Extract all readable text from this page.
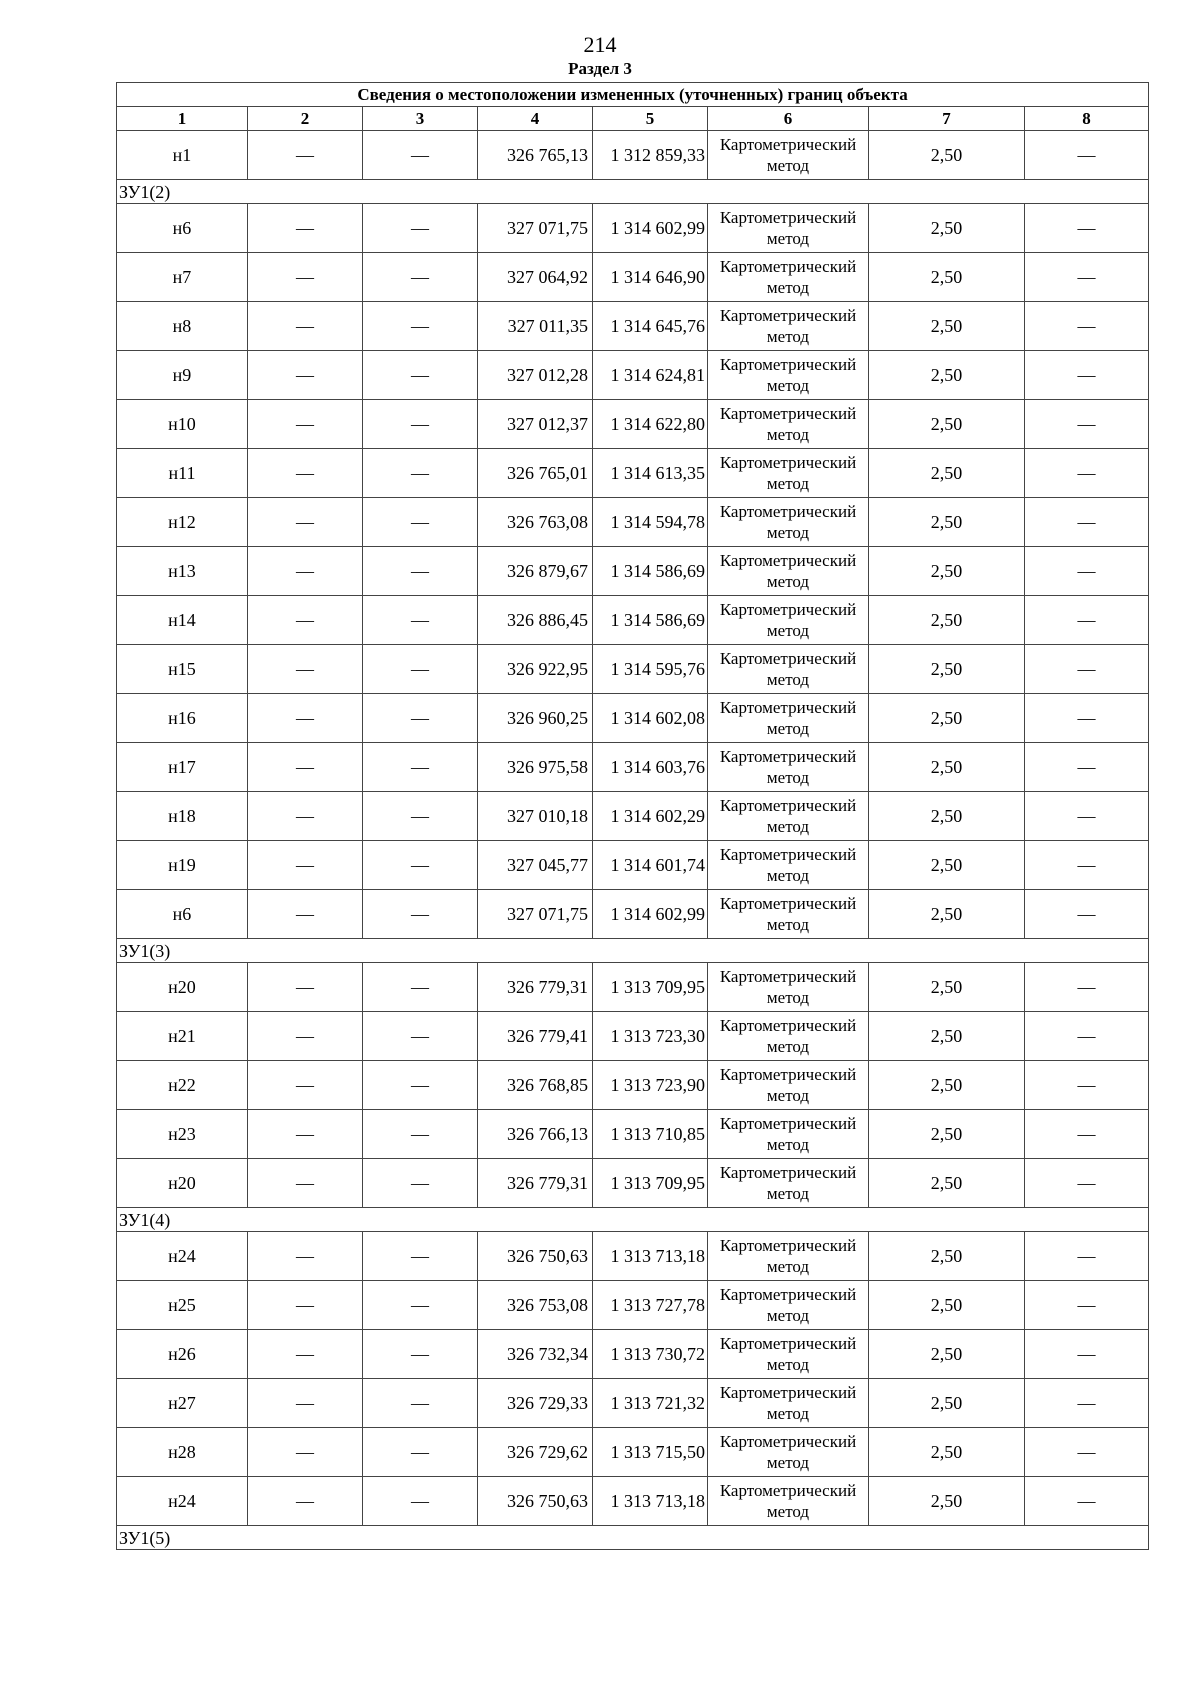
214
Раздел 3
Сведения о местоположении измененных (уточненных) границ объекта							
1	2	3	4	5	6	7	8
н1	—	—	326 765,13	1 312 859,33	Картометрический метод	2,50	—
ЗУ1(2)							
н6	—	—	327 071,75	1 314 602,99	Картометрический метод	2,50	—
н7	—	—	327 064,92	1 314 646,90	Картометрический метод	2,50	—
н8	—	—	327 011,35	1 314 645,76	Картометрический метод	2,50	—
н9	—	—	327 012,28	1 314 624,81	Картометрический метод	2,50	—
н10	—	—	327 012,37	1 314 622,80	Картометрический метод	2,50	—
н11	—	—	326 765,01	1 314 613,35	Картометрический метод	2,50	—
н12	—	—	326 763,08	1 314 594,78	Картометрический метод	2,50	—
н13	—	—	326 879,67	1 314 586,69	Картометрический метод	2,50	—
н14	—	—	326 886,45	1 314 586,69	Картометрический метод	2,50	—
н15	—	—	326 922,95	1 314 595,76	Картометрический метод	2,50	—
н16	—	—	326 960,25	1 314 602,08	Картометрический метод	2,50	—
н17	—	—	326 975,58	1 314 603,76	Картометрический метод	2,50	—
н18	—	—	327 010,18	1 314 602,29	Картометрический метод	2,50	—
н19	—	—	327 045,77	1 314 601,74	Картометрический метод	2,50	—
н6	—	—	327 071,75	1 314 602,99	Картометрический метод	2,50	—
ЗУ1(3)							
н20	—	—	326 779,31	1 313 709,95	Картометрический метод	2,50	—
н21	—	—	326 779,41	1 313 723,30	Картометрический метод	2,50	—
н22	—	—	326 768,85	1 313 723,90	Картометрический метод	2,50	—
н23	—	—	326 766,13	1 313 710,85	Картометрический метод	2,50	—
н20	—	—	326 779,31	1 313 709,95	Картометрический метод	2,50	—
ЗУ1(4)							
н24	—	—	326 750,63	1 313 713,18	Картометрический метод	2,50	—
н25	—	—	326 753,08	1 313 727,78	Картометрический метод	2,50	—
н26	—	—	326 732,34	1 313 730,72	Картометрический метод	2,50	—
н27	—	—	326 729,33	1 313 721,32	Картометрический метод	2,50	—
н28	—	—	326 729,62	1 313 715,50	Картометрический метод	2,50	—
н24	—	—	326 750,63	1 313 713,18	Картометрический метод	2,50	—
ЗУ1(5)							
